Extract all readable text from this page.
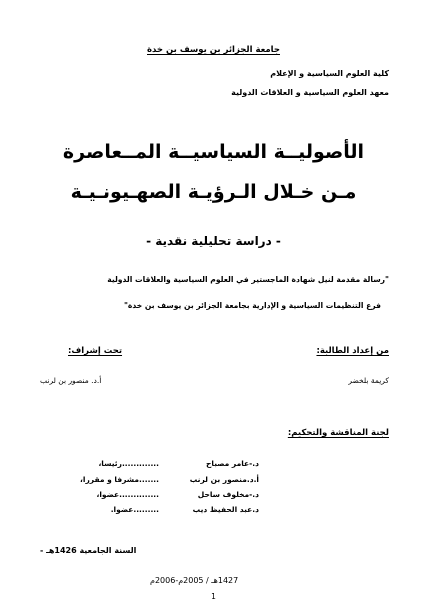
جامعة الجزائر بن يوسف بن خدة
كلية العلوم السياسية و الإعلام
معهد العلوم السياسية و العلاقات الدولية
الأصوليــة السياسيــة المــعاصرة
مـن خـلال الـرؤيـة الصهـيونـيـة
- دراسة تحليلية نقدية -
"رسالة مقدمة لنيل شهادة الماجستير في العلوم السياسية والعلاقات الدولية
فرع التنظيمات السياسية و الإدارية بجامعة الجزائر بن يوسف بن خدة"
من إعداد الطالبة:
تحت إشراف:
كريمة بلخضر
أ.د. منصور بن لرنب
لجنة المناقشة والتحكيم:
د.-عامر مصباح.............رئيسا،
أ.د.منصور بن لرنب.......مشرفا و مقررا،
د.-مخلوف ساحل..............عضوا،
د.عبد الحفيظ ديب.........عضوا.
السنة الجامعية 1426هـ -
1427هـ / 2005م-2006م
1
